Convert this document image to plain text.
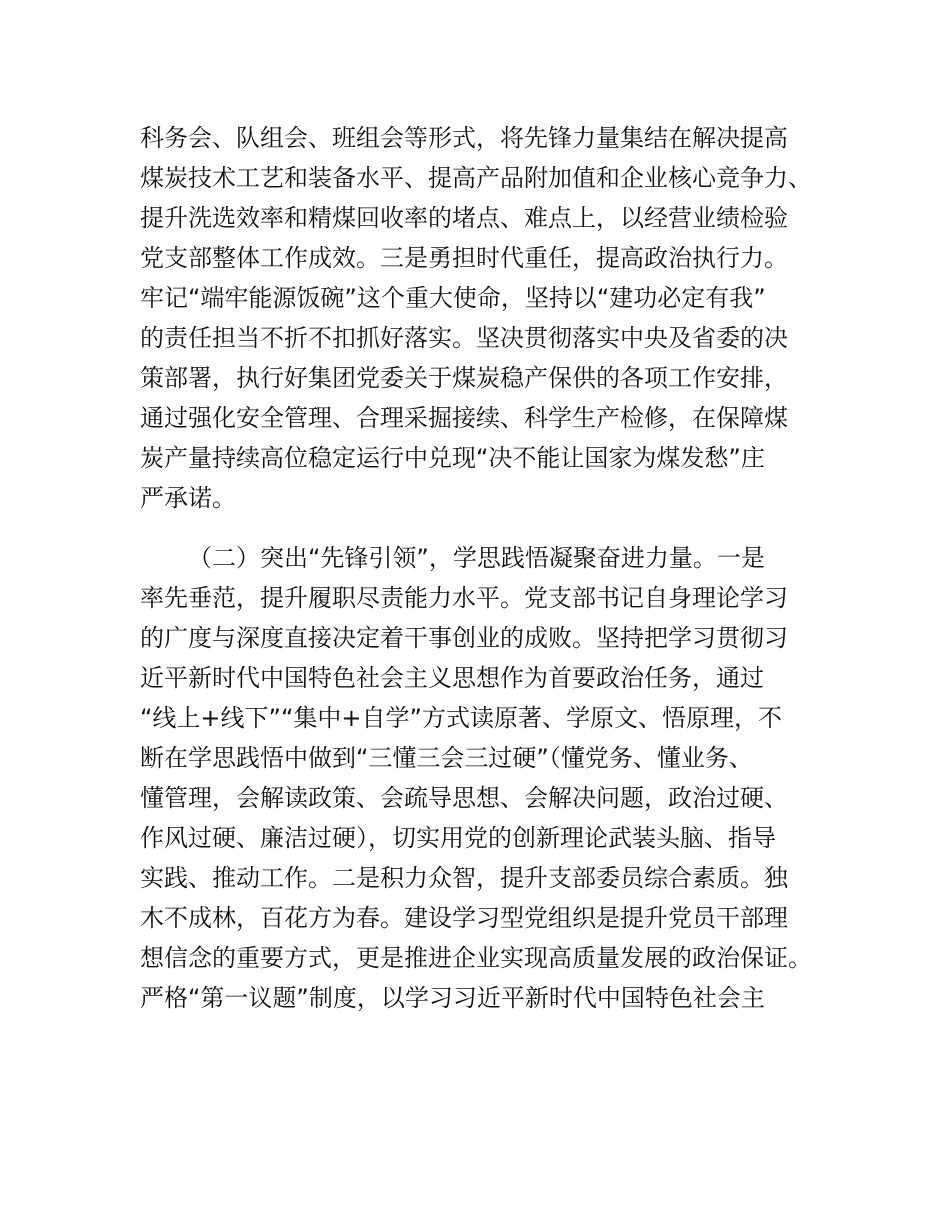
科务会、队组会、班组会等形式，将先锋力量集结在解决提高
煤炭技术工艺和装备水平、提高产品附加值和企业核心竞争力、
提升洗选效率和精煤回收率的堵点、难点上，以经营业绩检验
党支部整体工作成效。三是勇担时代重任，提高政治执行力。
牢记“端牢能源饭碗”这个重大使命，坚持以“建功必定有我”
的责任担当不折不扣抓好落实。坚决贯彻落实中央及省委的决
策部署，执行好集团党委关于煤炭稳产保供的各项工作安排，
通过强化安全管理、合理采掘接续、科学生产检修，在保障煤
炭产量持续高位稳定运行中兑现“决不能让国家为煤发愁”庄
严承诺。
（二）突出“先锋引领”，学思践悟凝聚奋进力量。一是
率先垂范，提升履职尽责能力水平。党支部书记自身理论学习
的广度与深度直接决定着干事创业的成败。坚持把学习贯彻习
近平新时代中国特色社会主义思想作为首要政治任务，通过
“线上+线下”“集中+自学”方式读原著、学原文、悟原理，不
断在学思践悟中做到“三懂三会三过硬”（懂党务、懂业务、
懂管理，会解读政策、会疏导思想、会解决问题，政治过硬、
作风过硬、廉洁过硬），切实用党的创新理论武装头脑、指导
实践、推动工作。二是积力众智，提升支部委员综合素质。独
木不成林，百花方为春。建设学习型党组织是提升党员干部理
想信念的重要方式，更是推进企业实现高质量发展的政治保证。
严格“第一议题”制度，以学习习近平新时代中国特色社会主
